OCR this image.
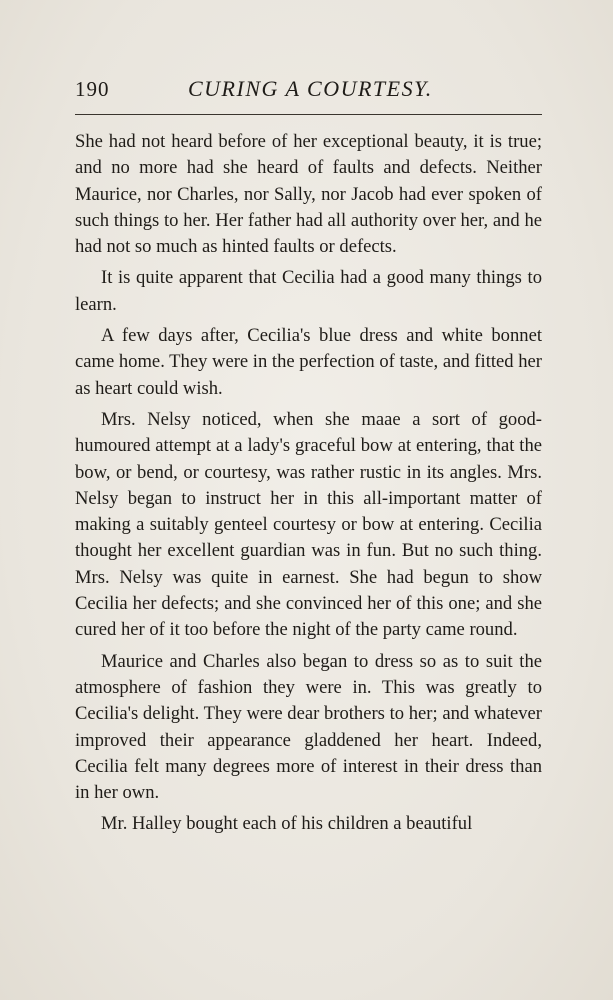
190	CURING A COURTESY.

She had not heard before of her exceptional beauty, it is true; and no more had she heard of faults and defects. Neither Maurice, nor Charles, nor Sally, nor Jacob had ever spoken of such things to her. Her father had all authority over her, and he had not so much as hinted faults or defects.

It is quite apparent that Cecilia had a good many things to learn.

A few days after, Cecilia's blue dress and white bonnet came home. They were in the perfection of taste, and fitted her as heart could wish.

Mrs. Nelsy noticed, when she maae a sort of good-humoured attempt at a lady's graceful bow at entering, that the bow, or bend, or courtesy, was rather rustic in its angles. Mrs. Nelsy began to instruct her in this all-important matter of making a suitably genteel courtesy or bow at entering. Cecilia thought her excellent guardian was in fun. But no such thing. Mrs. Nelsy was quite in earnest. She had begun to show Cecilia her defects; and she convinced her of this one; and she cured her of it too before the night of the party came round.

Maurice and Charles also began to dress so as to suit the atmosphere of fashion they were in. This was greatly to Cecilia's delight. They were dear brothers to her; and whatever improved their appearance gladdened her heart. Indeed, Cecilia felt many degrees more of interest in their dress than in her own.

Mr. Halley bought each of his children a beautiful
